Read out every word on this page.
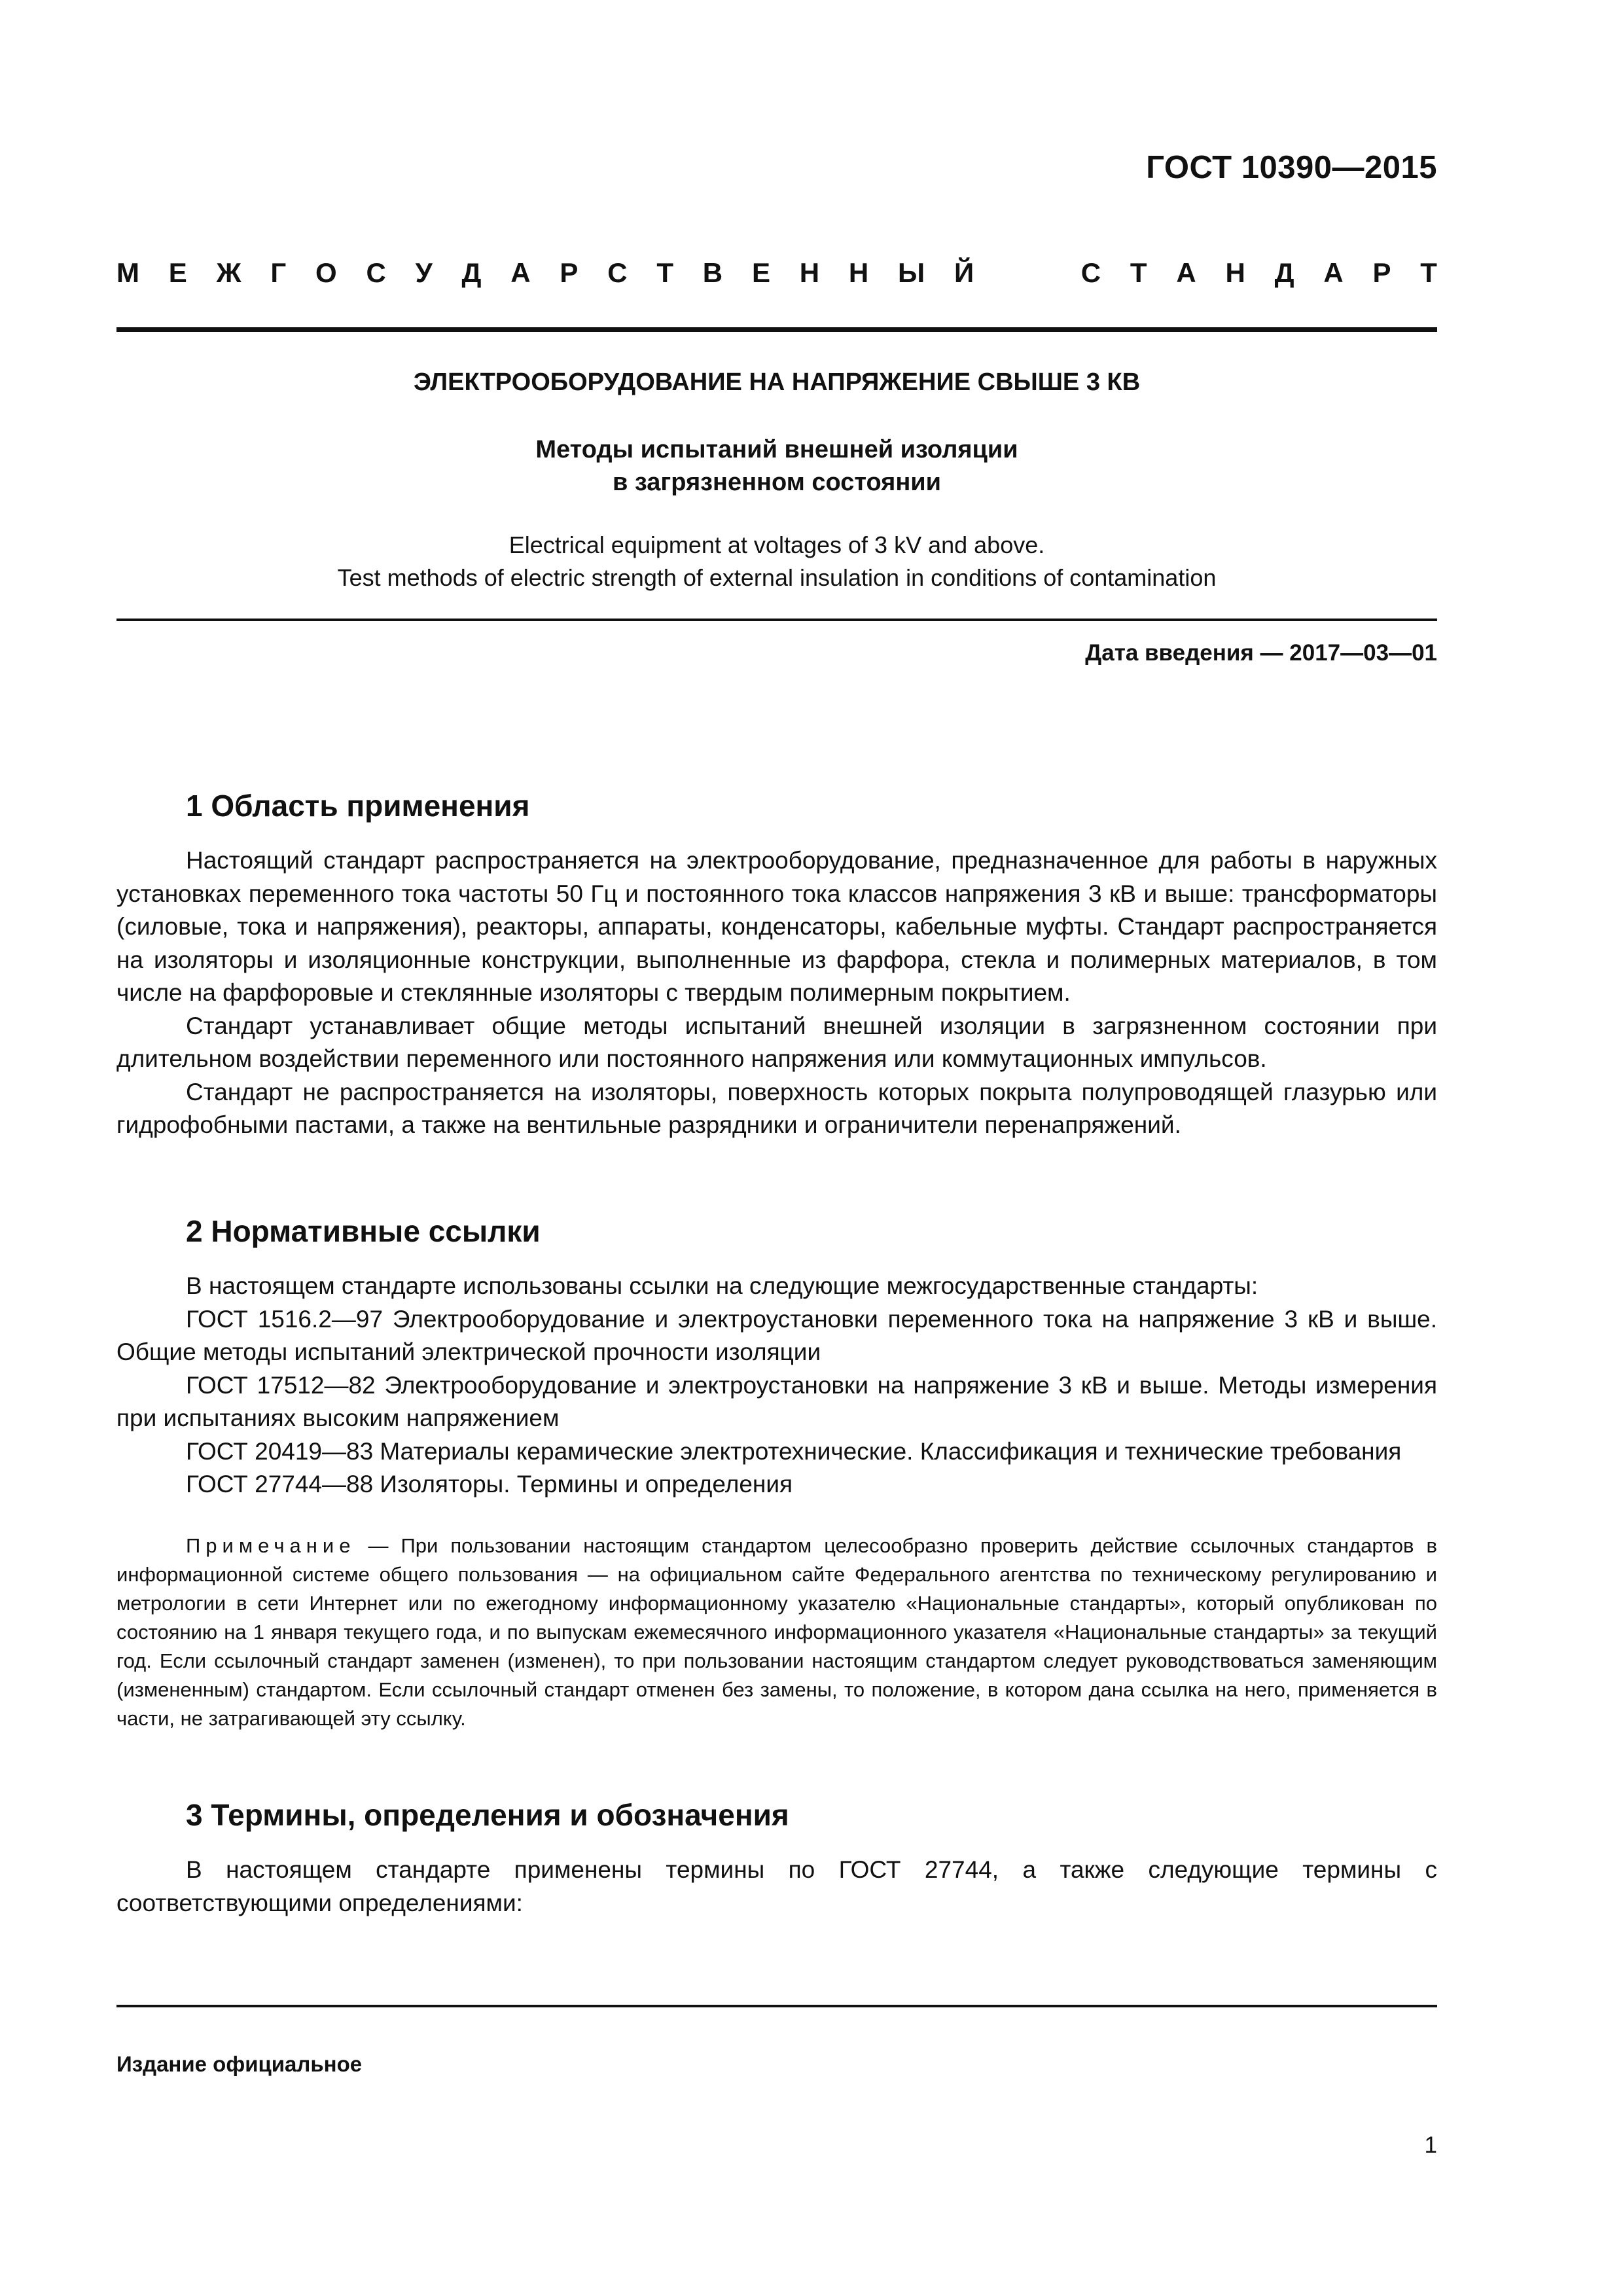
ГОСТ 10390—2015
М Е Ж Г О С У Д А Р С Т В Е Н Н Ы Й	С Т А Н Д А Р Т
ЭЛЕКТРООБОРУДОВАНИЕ НА НАПРЯЖЕНИЕ СВЫШЕ 3 КВ
Методы испытаний внешней изоляции
в загрязненном состоянии
Electrical equipment at voltages of 3 kV and above.
Test methods of electric strength of external insulation in conditions of contamination
Дата введения — 2017—03—01
1 Область применения

Настоящий стандарт распространяется на электрооборудование, предназначенное для работы в наружных установках переменного тока частоты 50 Гц и постоянного тока классов напряжения 3 кВ и выше: трансформаторы (силовые, тока и напряжения), реакторы, аппараты, конденсаторы, кабельные муфты. Стандарт распространяется на изоляторы и изоляционные конструкции, выполненные из фарфора, стекла и полимерных материалов, в том числе на фарфоровые и стеклянные изоляторы с твердым полимерным покрытием.

Стандарт устанавливает общие методы испытаний внешней изоляции в загрязненном состоянии при длительном воздействии переменного или постоянного напряжения или коммутационных импульсов.

Стандарт не распространяется на изоляторы, поверхность которых покрыта полупроводящей глазурью или гидрофобными пастами, а также на вентильные разрядники и ограничители перенапряжений.

2 Нормативные ссылки

В настоящем стандарте использованы ссылки на следующие межгосударственные стандарты:

ГОСТ 1516.2—97 Электрооборудование и электроустановки переменного тока на напряжение 3 кВ и выше. Общие методы испытаний электрической прочности изоляции

ГОСТ 17512—82 Электрооборудование и электроустановки на напряжение 3 кВ и выше. Методы измерения при испытаниях высоким напряжением

ГОСТ 20419—83 Материалы керамические электротехнические. Классификация и технические требования

ГОСТ 27744—88 Изоляторы. Термины и определения

Примечание — При пользовании настоящим стандартом целесообразно проверить действие ссылочных стандартов в информационной системе общего пользования — на официальном сайте Федерального агентства по техническому регулированию и метрологии в сети Интернет или по ежегодному информационному указателю «Национальные стандарты», который опубликован по состоянию на 1 января текущего года, и по выпускам ежемесячного информационного указателя «Национальные стандарты» за текущий год. Если ссылочный стандарт заменен (изменен), то при пользовании настоящим стандартом следует руководствоваться заменяющим (измененным) стандартом. Если ссылочный стандарт отменен без замены, то положение, в котором дана ссылка на него, применяется в части, не затрагивающей эту ссылку.

3 Термины, определения и обозначения

В настоящем стандарте применены термины по ГОСТ 27744, а также следующие термины с соответствующими определениями:

Издание официальное
1
